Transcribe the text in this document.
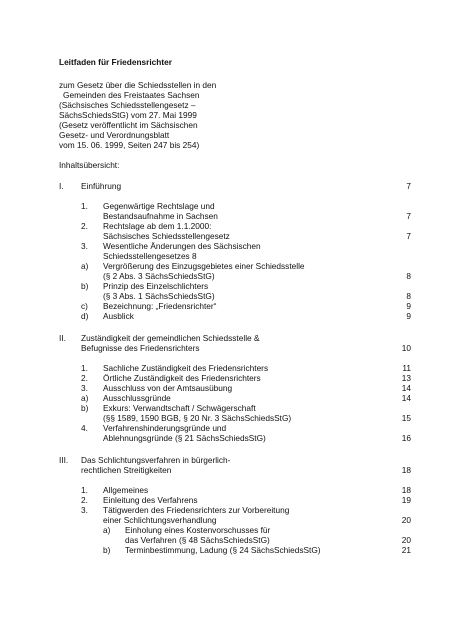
Leitfaden für Friedensrichter
zum Gesetz über die Schiedsstellen in den
Gemeinden des Freistaates Sachsen
(Sächsisches Schiedsstellengesetz –
SächsSchiedsStG) vom 27. Mai 1999
(Gesetz veröffentlicht im Sächsischen
Gesetz- und Verordnungsblatt
vom 15. 06. 1999, Seiten 247 bis 254)
Inhaltsübersicht:
I. Einführung	7
1. Gegenwärtige Rechtslage und
Bestandsaufnahme in Sachsen	7
2. Rechtslage ab dem 1.1.2000:
Sächsisches Schiedsstellengesetz	7
3. Wesentliche Änderungen des Sächsischen
Schiedsstellengesetzes 8
a) Vergrößerung des Einzugsgebietes einer Schiedsstelle
(§ 2 Abs. 3 SächsSchiedsStG)	8
b) Prinzip des Einzelschlichters
(§ 3 Abs. 1 SächsSchiedsStG)	8
c) Bezeichnung: „Friedensrichter“	9
d) Ausblick	9
II. Zuständigkeit der gemeindlichen Schiedsstelle &
Befugnisse des Friedensrichters	10
1. Sachliche Zuständigkeit des Friedensrichters	11
2. Örtliche Zuständigkeit des Friedensrichters	13
3. Ausschluss von der Amtsausübung	14
a) Ausschlussgründe	14
b) Exkurs: Verwandtschaft / Schwägerschaft
(§§ 1589, 1590 BGB, § 20 Nr. 3 SächsSchiedsStG)	15
4. Verfahrenshinderungsgründe und
Ablehnungsgründe (§ 21 SächsSchiedsStG)	16
III. Das Schlichtungsverfahren in bürgerlich-
rechtlichen Streitigkeiten	18
1. Allgemeines	18
2. Einleitung des Verfahrens	19
3. Tätigwerden des Friedensrichters zur Vorbereitung
einer Schlichtungsverhandlung	20
a) Einholung eines Kostenvorschusses für
das Verfahren (§ 48 SächsSchiedsStG)	20
b) Terminbestimmung, Ladung (§ 24 SächsSchiedsStG)	21
